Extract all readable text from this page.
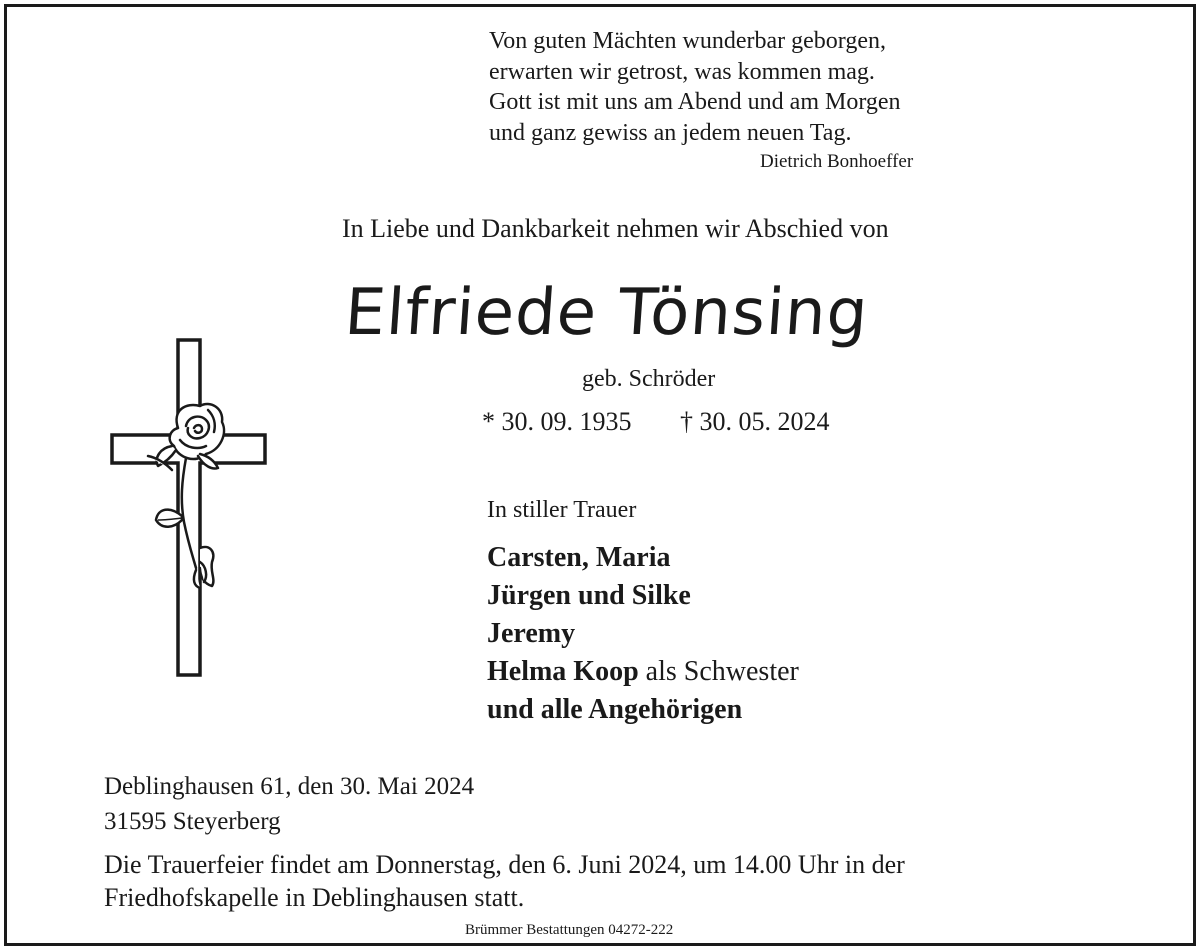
Von guten Mächten wunderbar geborgen,
erwarten wir getrost, was kommen mag.
Gott ist mit uns am Abend und am Morgen
und ganz gewiss an jedem neuen Tag.
Dietrich Bonhoeffer
In Liebe und Dankbarkeit nehmen wir Abschied von
Elfriede Tönsing
geb. Schröder
* 30. 09. 1935 † 30. 05. 2024
In stiller Trauer
Carsten, Maria
Jürgen und Silke
Jeremy
Helma Koop als Schwester
und alle Angehörigen
Deblinghausen 61, den 30. Mai 2024
31595 Steyerberg
Die Trauerfeier findet am Donnerstag, den 6. Juni 2024, um 14.00 Uhr in der
Friedhofskapelle in Deblinghausen statt.
Brümmer Bestattungen 04272-222
